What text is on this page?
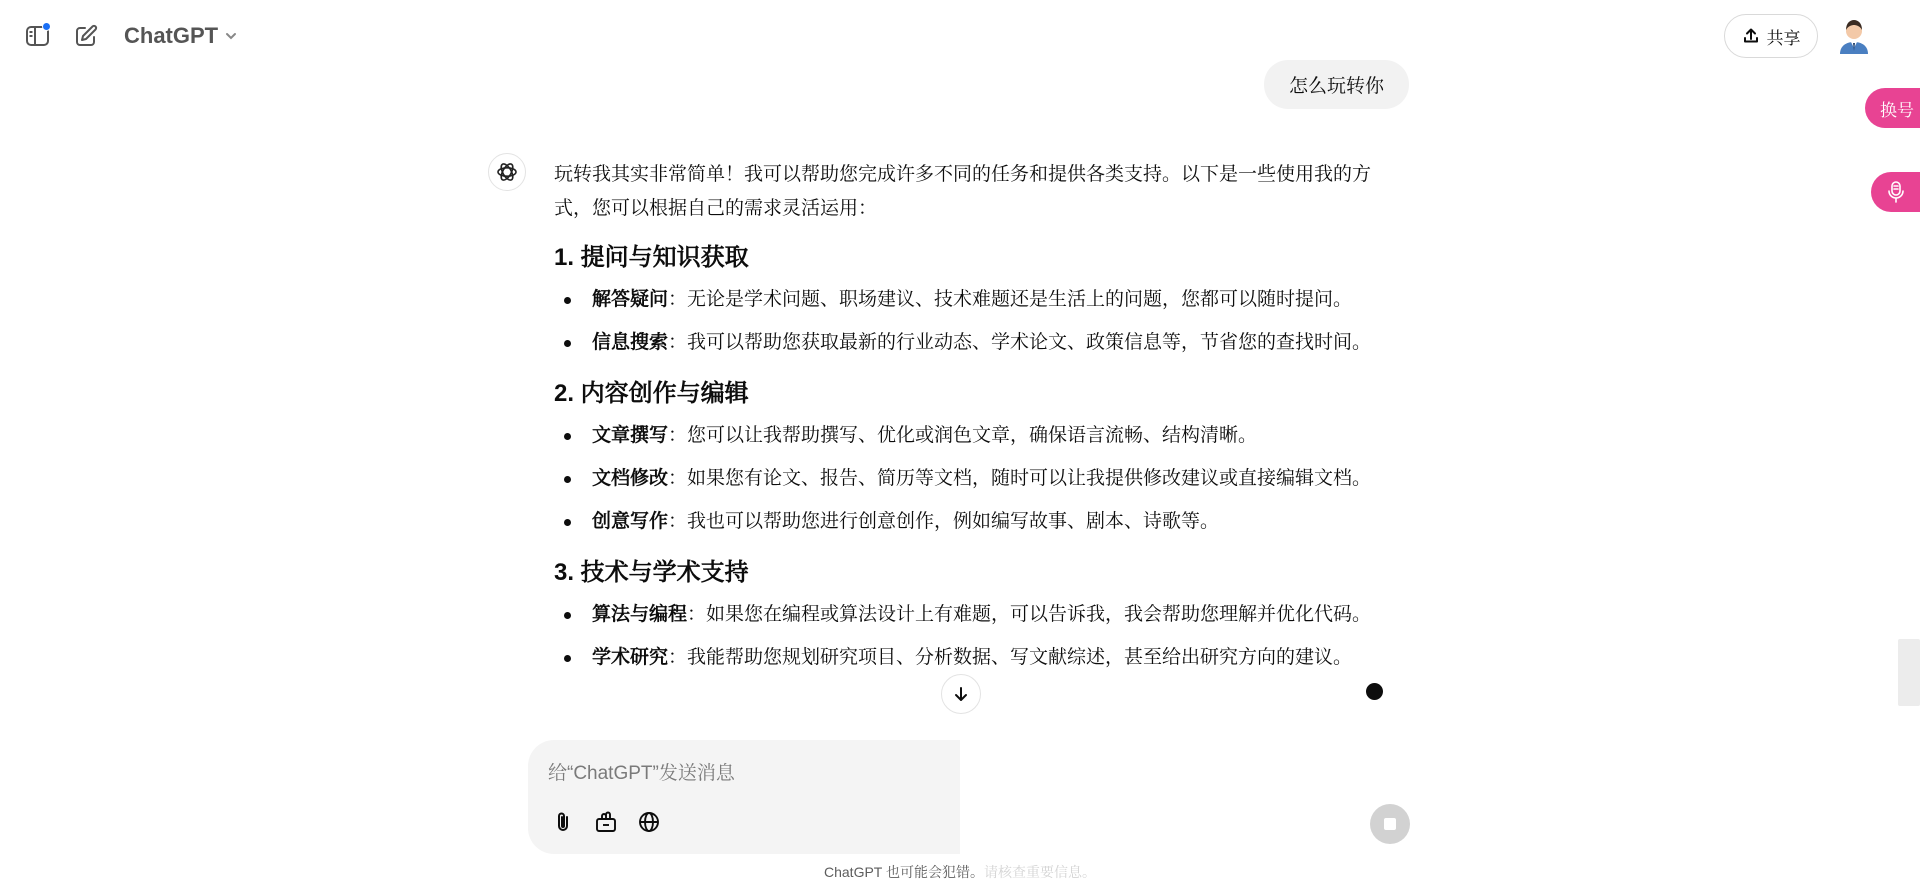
ChatGPT	共享
怎么玩转你
换号

玩转我其实非常简单！我可以帮助您完成许多不同的任务和提供各类支持。以下是一些使用我的方式，您可以根据自己的需求灵活运用：

1. 提问与知识获取
解答疑问：无论是学术问题、职场建议、技术难题还是生活上的问题，您都可以随时提问。
信息搜索：我可以帮助您获取最新的行业动态、学术论文、政策信息等，节省您的查找时间。
2. 内容创作与编辑
文章撰写：您可以让我帮助撰写、优化或润色文章，确保语言流畅、结构清晰。
文档修改：如果您有论文、报告、简历等文档，随时可以让我提供修改建议或直接编辑文档。
创意写作：我也可以帮助您进行创意创作，例如编写故事、剧本、诗歌等。
3. 技术与学术支持
算法与编程：如果您在编程或算法设计上有难题，可以告诉我，我会帮助您理解并优化代码。
学术研究：我能帮助您规划研究项目、分析数据、写文献综述，甚至给出研究方向的建议。
给“ChatGPT”发送消息
ChatGPT 也可能会犯错。请核查重要信息。
